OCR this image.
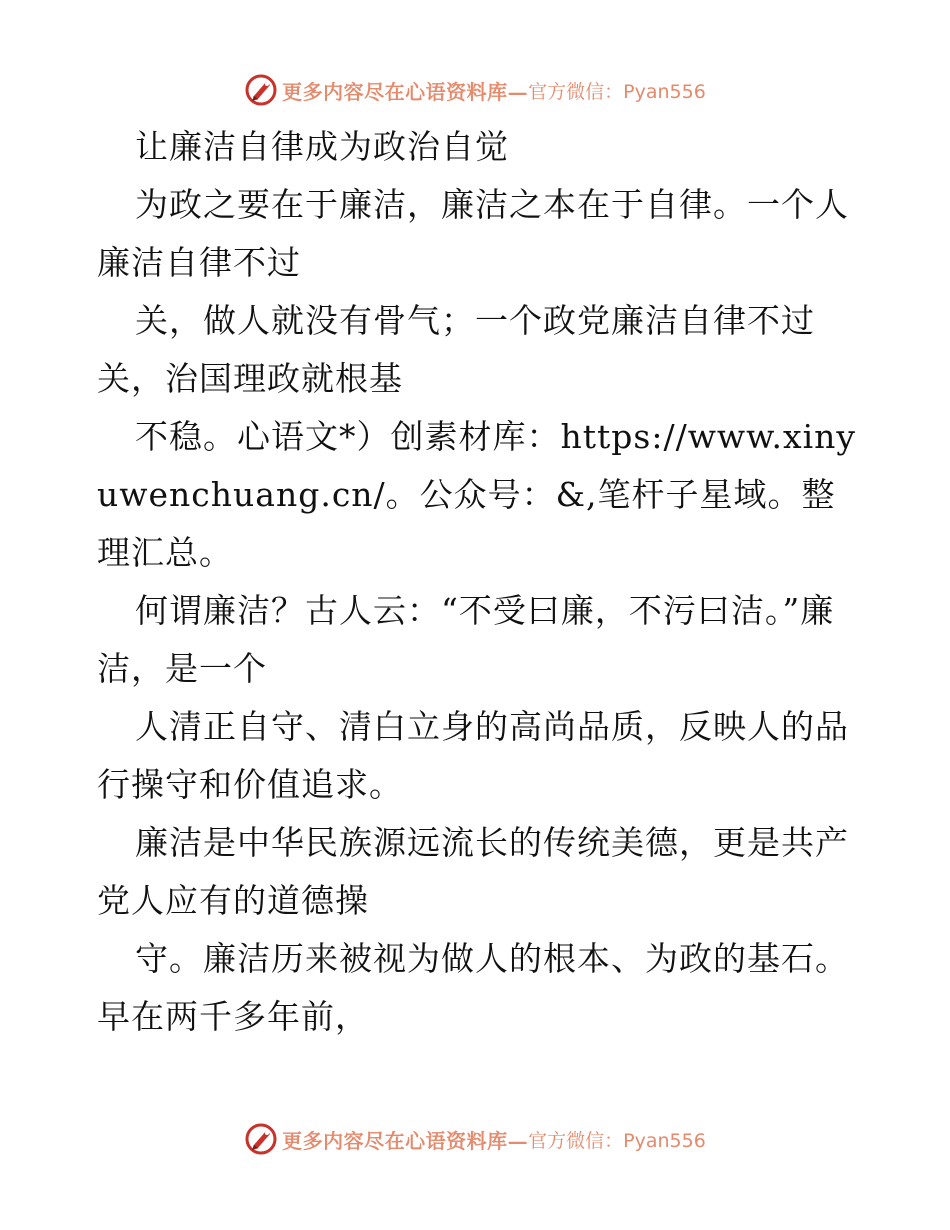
更多内容尽在心语资料库— 官方微信：Pyan556

让廉洁自律成为政治自觉

为政之要在于廉洁，廉洁之本在于自律。一个人廉洁自律不过

关，做人就没有骨气；一个政党廉洁自律不过关，治国理政就根基

不稳。心语文*）创素材库：https://www.xinyuwenchuang.cn/。公众号：&,笔杆子星域。整理汇总。

何谓廉洁？古人云：“不受曰廉，不污曰洁。”廉洁，是一个

人清正自守、清白立身的高尚品质，反映人的品行操守和价值追求。

廉洁是中华民族源远流长的传统美德，更是共产党人应有的道德操

守。廉洁历来被视为做人的根本、为政的基石。早在两千多年前，

更多内容尽在心语资料库— 官方微信：Pyan556
